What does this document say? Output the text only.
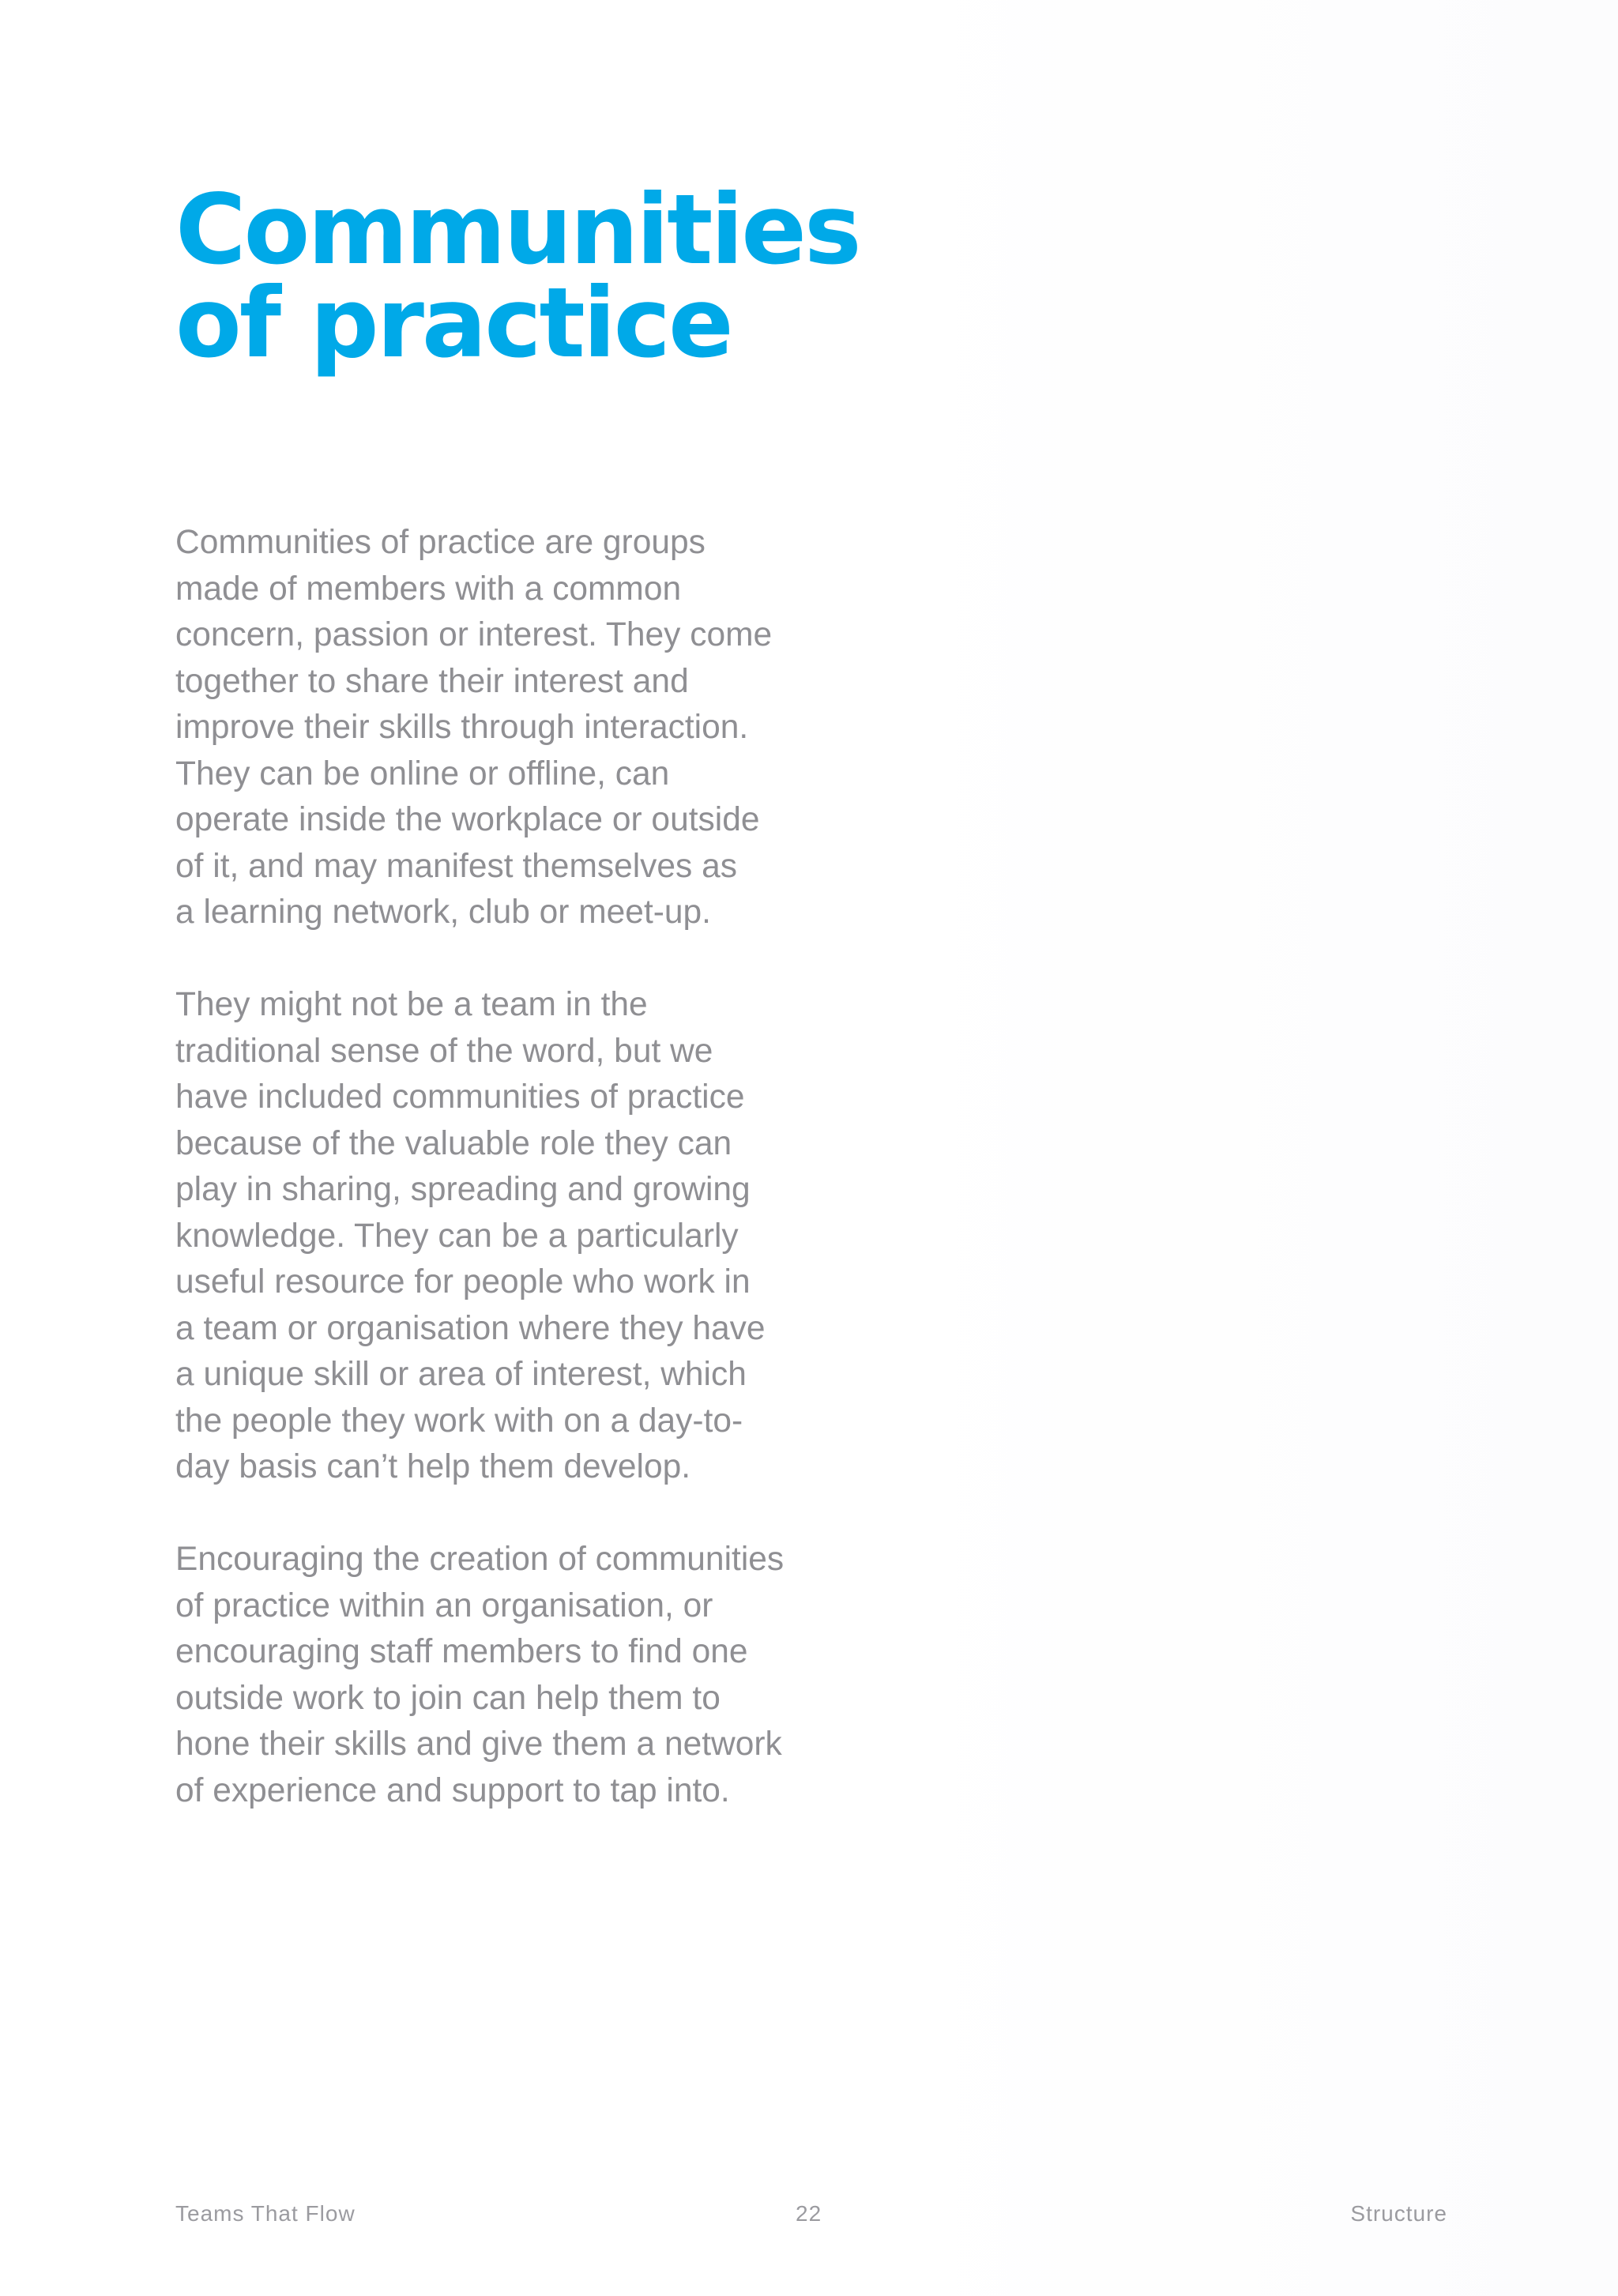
Communities
of practice

Communities of practice are groups
made of members with a common
concern, passion or interest. They come
together to share their interest and
improve their skills through interaction.
They can be online or offline, can
operate inside the workplace or outside
of it, and may manifest themselves as
a learning network, club or meet-up.

They might not be a team in the
traditional sense of the word, but we
have included communities of practice
because of the valuable role they can
play in sharing, spreading and growing
knowledge. They can be a particularly
useful resource for people who work in
a team or organisation where they have
a unique skill or area of interest, which
the people they work with on a day-to-
day basis can’t help them develop.

Encouraging the creation of communities
of practice within an organisation, or
encouraging staff members to find one
outside work to join can help them to
hone their skills and give them a network
of experience and support to tap into.

Teams That Flow	22	Structure
